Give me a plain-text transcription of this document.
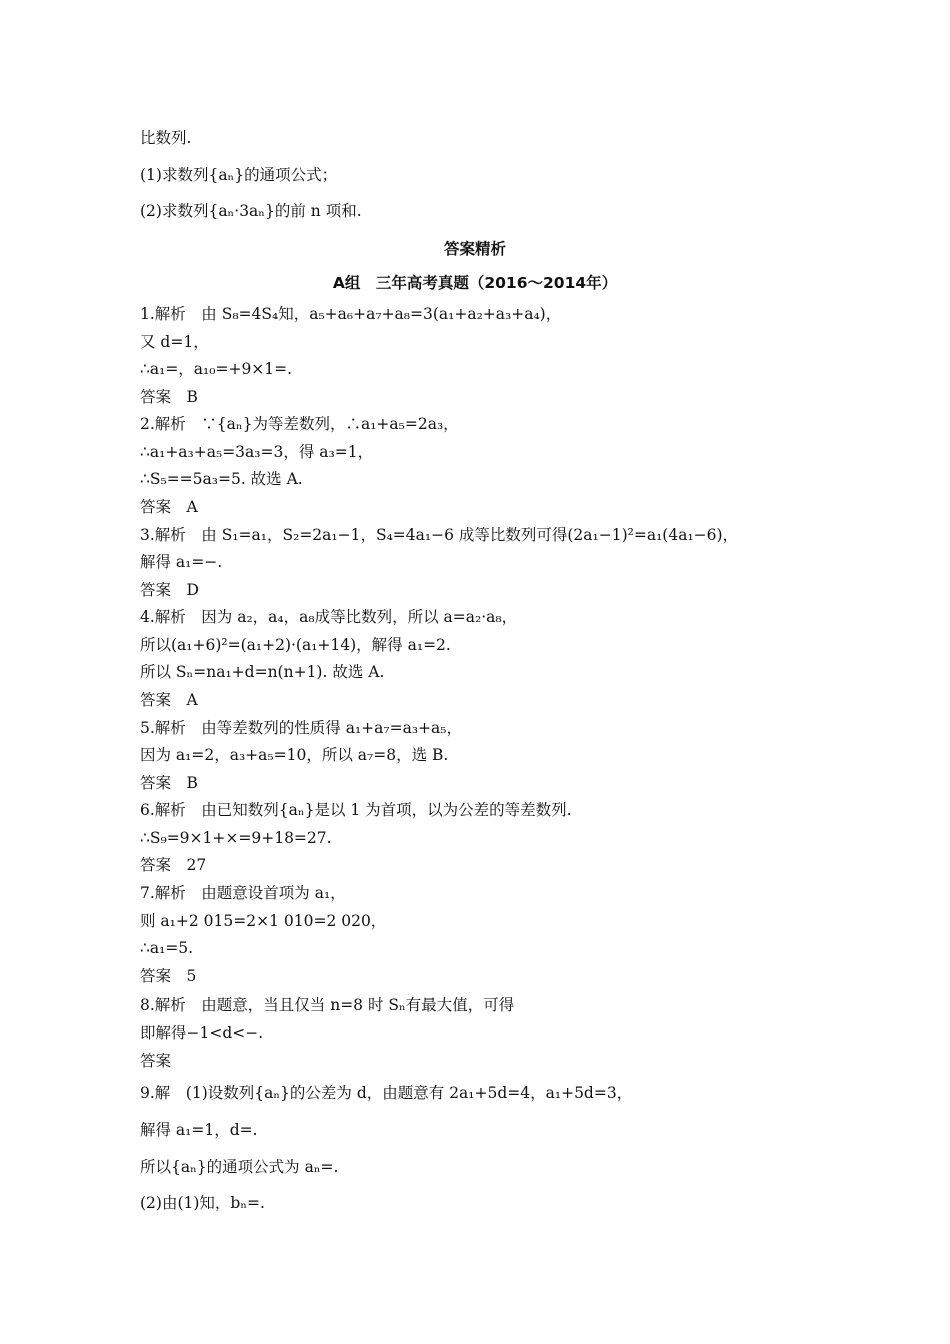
比数列.
(1)求数列{aₙ}的通项公式；
(2)求数列{aₙ·3aₙ}的前 n 项和.
答案精析
A组　三年高考真题（2016～2014年）
1.解析　由 S₈=4S₄知，a₅+a₆+a₇+a₈=3(a₁+a₂+a₃+a₄)，
又 d=1，
∴a₁=，a₁₀=+9×1=.
答案　B
2.解析　∵{aₙ}为等差数列，∴a₁+a₅=2a₃，
∴a₁+a₃+a₅=3a₃=3，得 a₃=1，
∴S₅==5a₃=5. 故选 A.
答案　A
3.解析　由 S₁=a₁，S₂=2a₁−1，S₄=4a₁−6 成等比数列可得(2a₁−1)²=a₁(4a₁−6)，
解得 a₁=−.
答案　D
4.解析　因为 a₂，a₄，a₈成等比数列，所以 a=a₂·a₈，
所以(a₁+6)²=(a₁+2)·(a₁+14)，解得 a₁=2.
所以 Sₙ=na₁+d=n(n+1). 故选 A.
答案　A
5.解析　由等差数列的性质得 a₁+a₇=a₃+a₅，
因为 a₁=2，a₃+a₅=10，所以 a₇=8，选 B.
答案　B
6.解析　由已知数列{aₙ}是以 1 为首项，以为公差的等差数列.
∴S₉=9×1+×=9+18=27.
答案　27
7.解析　由题意设首项为 a₁，
则 a₁+2 015=2×1 010=2 020，
∴a₁=5.
答案　5
8.解析　由题意，当且仅当 n=8 时 Sₙ有最大值，可得
即解得−1<d<−.
答案
9.解　(1)设数列{aₙ}的公差为 d，由题意有 2a₁+5d=4，a₁+5d=3，
解得 a₁=1，d=.
所以{aₙ}的通项公式为 aₙ=.
(2)由(1)知，bₙ=.
